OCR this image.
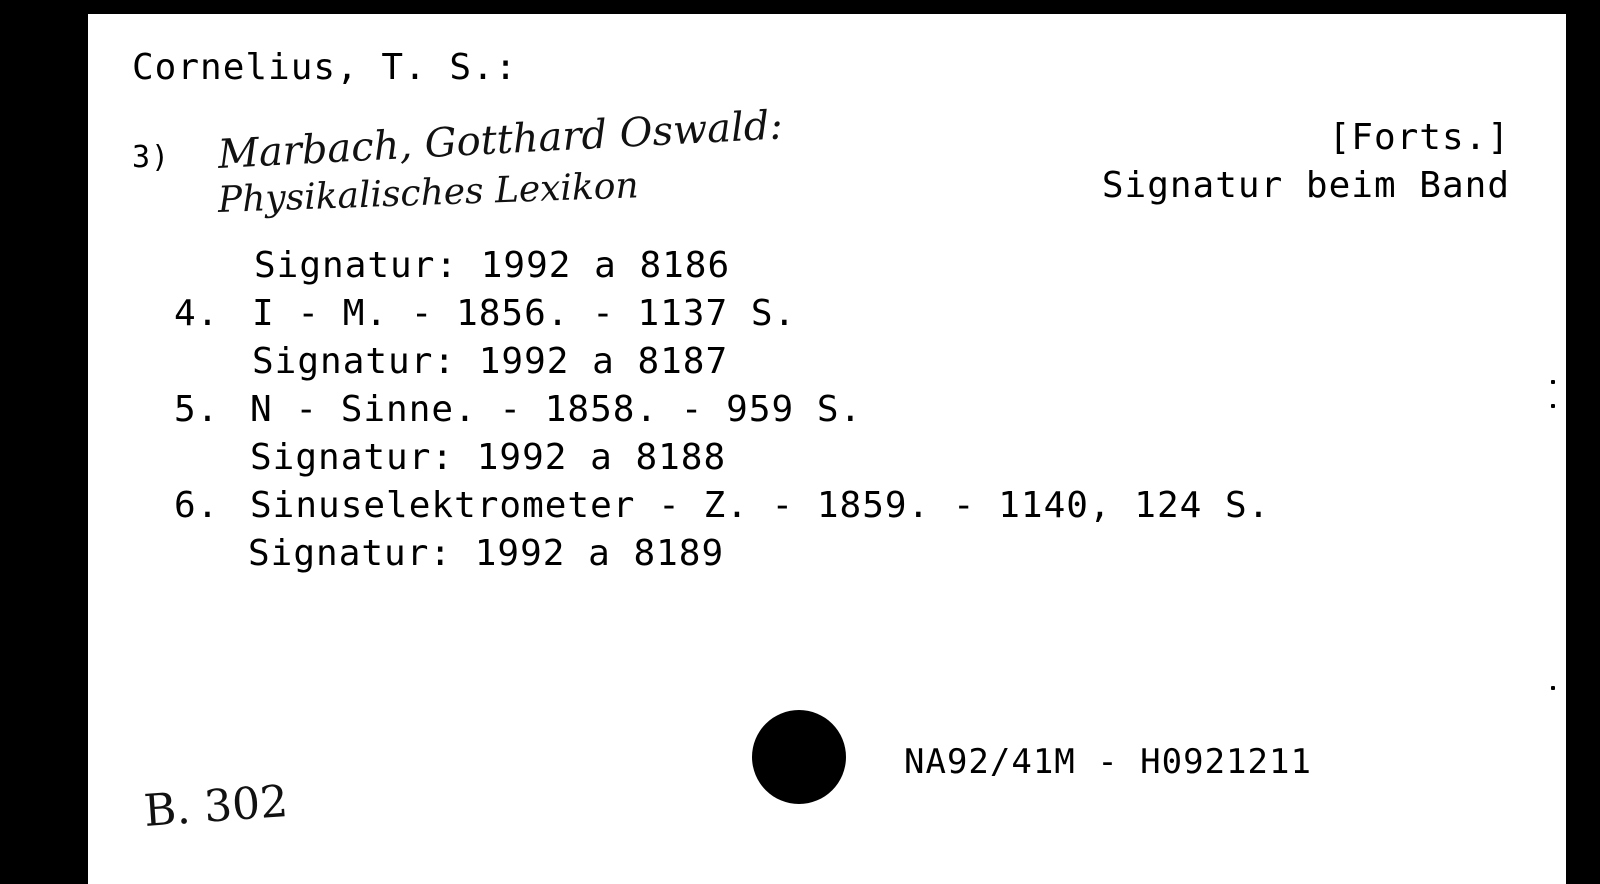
Cornelius, T. S.:
[Forts.]
Signatur beim Band
3) Marbach, Gotthard Oswald:
Physikalisches Lexikon
Signatur: 1992 a 8186
4. I - M. - 1856. - 1137 S.
Signatur: 1992 a 8187
5. N - Sinne. - 1858. - 959 S.
Signatur: 1992 a 8188
6. Sinuselektrometer - Z. - 1859. - 1140, 124 S.
Signatur: 1992 a 8189
NA92/41M - H0921211
B. 302
